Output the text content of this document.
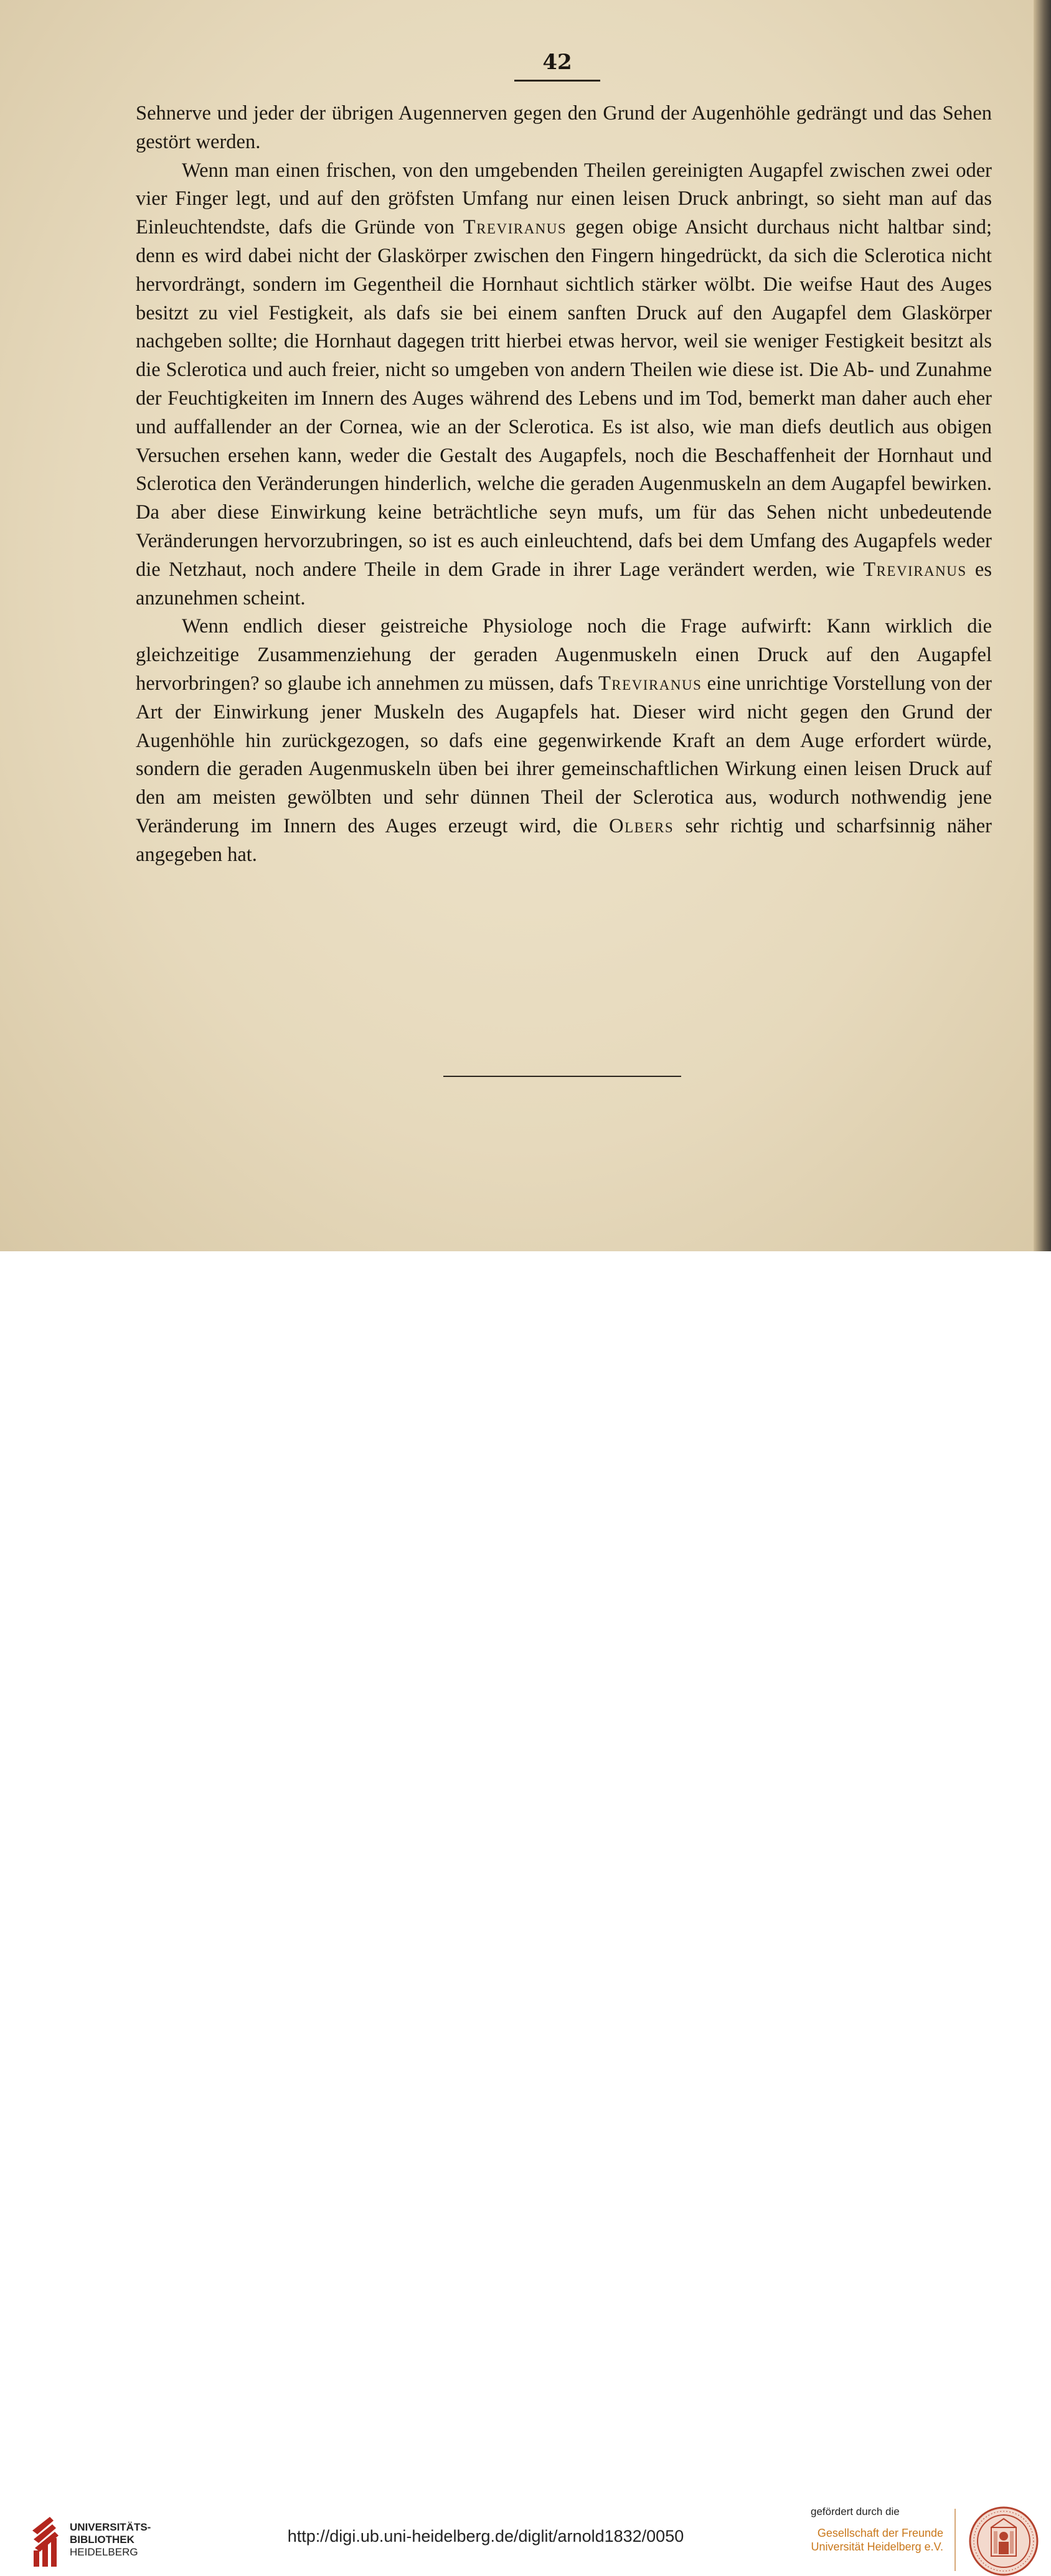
42

Sehnerve und jeder der übrigen Augennerven gegen den Grund der Augenhöhle gedrängt und das Sehen gestört werden.

Wenn man einen frischen, von den umgebenden Theilen gereinigten Augapfel zwischen zwei oder vier Finger legt, und auf den gröfsten Umfang nur einen leisen Druck anbringt, so sieht man auf das Einleuchtendste, dafs die Gründe von Treviranus gegen obige Ansicht durchaus nicht haltbar sind; denn es wird dabei nicht der Glaskörper zwischen den Fingern hingedrückt, da sich die Sclerotica nicht hervordrängt, sondern im Gegentheil die Hornhaut sichtlich stärker wölbt. Die weifse Haut des Auges besitzt zu viel Festigkeit, als dafs sie bei einem sanften Druck auf den Augapfel dem Glaskörper nachgeben sollte; die Hornhaut dagegen tritt hierbei etwas hervor, weil sie weniger Festigkeit besitzt als die Sclerotica und auch freier, nicht so umgeben von andern Theilen wie diese ist. Die Ab- und Zunahme der Feuchtigkeiten im Innern des Auges während des Lebens und im Tod, bemerkt man daher auch eher und auffallender an der Cornea, wie an der Sclerotica. Es ist also, wie man diefs deutlich aus obigen Versuchen ersehen kann, weder die Gestalt des Augapfels, noch die Beschaffenheit der Hornhaut und Sclerotica den Veränderungen hinderlich, welche die geraden Augenmuskeln an dem Augapfel bewirken. Da aber diese Einwirkung keine beträchtliche seyn mufs, um für das Sehen nicht unbedeutende Veränderungen hervorzubringen, so ist es auch einleuchtend, dafs bei dem Umfang des Augapfels weder die Netzhaut, noch andere Theile in dem Grade in ihrer Lage verändert werden, wie Treviranus es anzunehmen scheint.

Wenn endlich dieser geistreiche Physiologe noch die Frage aufwirft: Kann wirklich die gleichzeitige Zusammenziehung der geraden Augenmuskeln einen Druck auf den Augapfel hervorbringen? so glaube ich annehmen zu müssen, dafs Treviranus eine unrichtige Vorstellung von der Art der Einwirkung jener Muskeln des Augapfels hat. Dieser wird nicht gegen den Grund der Augenhöhle hin zurückgezogen, so dafs eine gegenwirkende Kraft an dem Auge erfordert würde, sondern die geraden Augenmuskeln üben bei ihrer gemeinschaftlichen Wirkung einen leisen Druck auf den am meisten gewölbten und sehr dünnen Theil der Sclerotica aus, wodurch nothwendig jene Veränderung im Innern des Auges erzeugt wird, die Olbers sehr richtig und scharfsinnig näher angegeben hat.

UNIVERSITÄTS-
BIBLIOTHEK
HEIDELBERG
http://digi.ub.uni-heidelberg.de/diglit/arnold1832/0050
gefördert durch die
Gesellschaft der Freunde
Universität Heidelberg e.V.
